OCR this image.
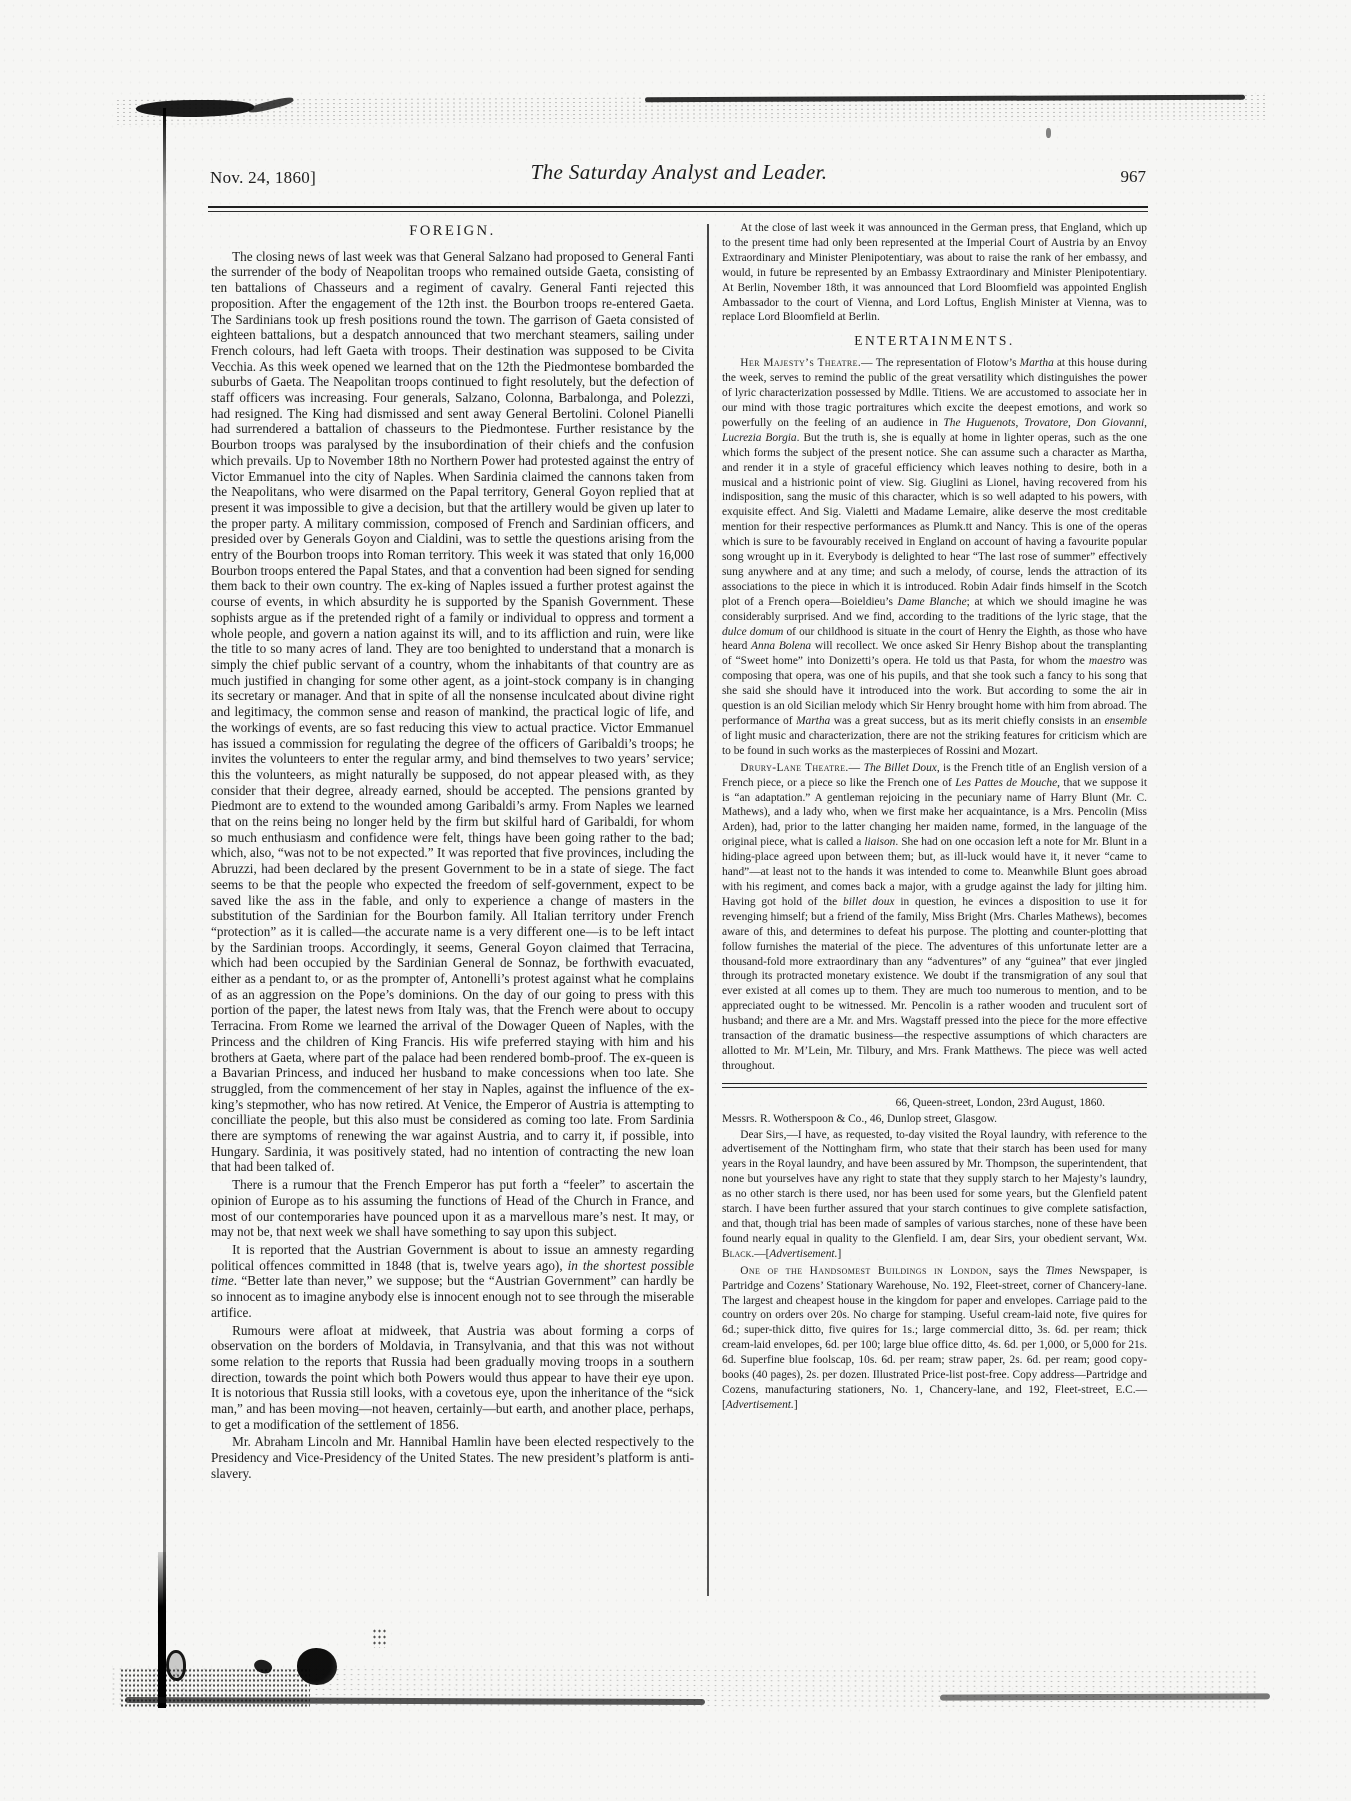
Nov. 24, 1860]	The Saturday Analyst and Leader.	967
FOREIGN.

The closing news of last week was that General Salzano had proposed to General Fanti the surrender of the body of Neapolitan troops who remained outside Gaeta, consisting of ten battalions of Chasseurs and a regiment of cavalry. General Fanti rejected this proposition. After the engagement of the 12th inst. the Bourbon troops re-entered Gaeta. The Sardinians took up fresh positions round the town. The garrison of Gaeta consisted of eighteen battalions, but a despatch announced that two merchant steamers, sailing under French colours, had left Gaeta with troops. Their destination was supposed to be Civita Vecchia. As this week opened we learned that on the 12th the Piedmontese bombarded the suburbs of Gaeta. The Neapolitan troops continued to fight resolutely, but the defection of staff officers was increasing. Four generals, Salzano, Colonna, Barbalonga, and Polezzi, had resigned. The King had dismissed and sent away General Bertolini. Colonel Pianelli had surrendered a battalion of chasseurs to the Piedmontese. Further resistance by the Bourbon troops was paralysed by the insubordination of their chiefs and the confusion which prevails. Up to November 18th no Northern Power had protested against the entry of Victor Emmanuel into the city of Naples. When Sardinia claimed the cannons taken from the Neapolitans, who were disarmed on the Papal territory, General Goyon replied that at present it was impossible to give a decision, but that the artillery would be given up later to the proper party. A military commission, composed of French and Sardinian officers, and presided over by Generals Goyon and Cialdini, was to settle the questions arising from the entry of the Bourbon troops into Roman territory. This week it was stated that only 16,000 Bourbon troops entered the Papal States, and that a convention had been signed for sending them back to their own country. The ex-king of Naples issued a further protest against the course of events, in which absurdity he is supported by the Spanish Government. These sophists argue as if the pretended right of a family or individual to oppress and torment a whole people, and govern a nation against its will, and to its affliction and ruin, were like the title to so many acres of land. They are too benighted to understand that a monarch is simply the chief public servant of a country, whom the inhabitants of that country are as much justified in changing for some other agent, as a joint-stock company is in changing its secretary or manager. And that in spite of all the nonsense inculcated about divine right and legitimacy, the common sense and reason of mankind, the practical logic of life, and the workings of events, are so fast reducing this view to actual practice. Victor Emmanuel has issued a commission for regulating the degree of the officers of Garibaldi’s troops; he invites the volunteers to enter the regular army, and bind themselves to two years’ service; this the volunteers, as might naturally be supposed, do not appear pleased with, as they consider that their degree, already earned, should be accepted. The pensions granted by Piedmont are to extend to the wounded among Garibaldi’s army. From Naples we learned that on the reins being no longer held by the firm but skilful hard of Garibaldi, for whom so much enthusiasm and confidence were felt, things have been going rather to the bad; which, also, “was not to be not expected.” It was reported that five provinces, including the Abruzzi, had been declared by the present Government to be in a state of siege. The fact seems to be that the people who expected the freedom of self-government, expect to be saved like the ass in the fable, and only to experience a change of masters in the substitution of the Sardinian for the Bourbon family. All Italian territory under French “protection” as it is called—the accurate name is a very different one—is to be left intact by the Sardinian troops. Accordingly, it seems, General Goyon claimed that Terracina, which had been occupied by the Sardinian General de Sonnaz, be forthwith evacuated, either as a pendant to, or as the prompter of, Antonelli’s protest against what he complains of as an aggression on the Pope’s dominions. On the day of our going to press with this portion of the paper, the latest news from Italy was, that the French were about to occupy Terracina. From Rome we learned the arrival of the Dowager Queen of Naples, with the Princess and the children of King Francis. His wife preferred staying with him and his brothers at Gaeta, where part of the palace had been rendered bomb-proof. The ex-queen is a Bavarian Princess, and induced her husband to make concessions when too late. She struggled, from the commencement of her stay in Naples, against the influence of the ex-king’s stepmother, who has now retired. At Venice, the Emperor of Austria is attempting to concilliate the people, but this also must be considered as coming too late. From Sardinia there are symptoms of renewing the war against Austria, and to carry it, if possible, into Hungary. Sardinia, it was positively stated, had no intention of contracting the new loan that had been talked of.

There is a rumour that the French Emperor has put forth a “feeler” to ascertain the opinion of Europe as to his assuming the functions of Head of the Church in France, and most of our contemporaries have pounced upon it as a marvellous mare’s nest. It may, or may not be, that next week we shall have something to say upon this subject.

It is reported that the Austrian Government is about to issue an amnesty regarding political offences committed in 1848 (that is, twelve years ago), in the shortest possible time. “Better late than never,” we suppose; but the “Austrian Government” can hardly be so innocent as to imagine anybody else is innocent enough not to see through the miserable artifice.

Rumours were afloat at midweek, that Austria was about forming a corps of observation on the borders of Moldavia, in Transylvania, and that this was not without some relation to the reports that Russia had been gradually moving troops in a southern direction, towards the point which both Powers would thus appear to have their eye upon. It is notorious that Russia still looks, with a covetous eye, upon the inheritance of the “sick man,” and has been moving—not heaven, certainly—but earth, and another place, perhaps, to get a modification of the settlement of 1856.

Mr. Abraham Lincoln and Mr. Hannibal Hamlin have been elected respectively to the Presidency and Vice-Presidency of the United States. The new president’s platform is anti-slavery.

At the close of last week it was announced in the German press, that England, which up to the present time had only been represented at the Imperial Court of Austria by an Envoy Extraordinary and Minister Plenipotentiary, was about to raise the rank of her embassy, and would, in future be represented by an Embassy Extraordinary and Minister Plenipotentiary. At Berlin, November 18th, it was announced that Lord Bloomfield was appointed English Ambassador to the court of Vienna, and Lord Loftus, English Minister at Vienna, was to replace Lord Bloomfield at Berlin.

ENTERTAINMENTS.

Her Majesty’s Theatre.— The representation of Flotow’s Martha at this house during the week, serves to remind the public of the great versatility which distinguishes the power of lyric characterization possessed by Mdlle. Titiens. We are accustomed to associate her in our mind with those tragic portraitures which excite the deepest emotions, and work so powerfully on the feeling of an audience in The Huguenots, Trovatore, Don Giovanni, Lucrezia Borgia. But the truth is, she is equally at home in lighter operas, such as the one which forms the subject of the present notice. She can assume such a character as Martha, and render it in a style of graceful efficiency which leaves nothing to desire, both in a musical and a histrionic point of view. Sig. Giuglini as Lionel, having recovered from his indisposition, sang the music of this character, which is so well adapted to his powers, with exquisite effect. And Sig. Vialetti and Madame Lemaire, alike deserve the most creditable mention for their respective performances as Plumk.tt and Nancy. This is one of the operas which is sure to be favourably received in England on account of having a favourite popular song wrought up in it. Everybody is delighted to hear “The last rose of summer” effectively sung anywhere and at any time; and such a melody, of course, lends the attraction of its associations to the piece in which it is introduced. Robin Adair finds himself in the Scotch plot of a French opera—Boieldieu’s Dame Blanche; at which we should imagine he was considerably surprised. And we find, according to the traditions of the lyric stage, that the dulce domum of our childhood is situate in the court of Henry the Eighth, as those who have heard Anna Bolena will recollect. We once asked Sir Henry Bishop about the transplanting of “Sweet home” into Donizetti’s opera. He told us that Pasta, for whom the maestro was composing that opera, was one of his pupils, and that she took such a fancy to his song that she said she should have it introduced into the work. But according to some the air in question is an old Sicilian melody which Sir Henry brought home with him from abroad. The performance of Martha was a great success, but as its merit chiefly consists in an ensemble of light music and characterization, there are not the striking features for criticism which are to be found in such works as the masterpieces of Rossini and Mozart.

Drury-Lane Theatre.— The Billet Doux, is the French title of an English version of a French piece, or a piece so like the French one of Les Pattes de Mouche, that we suppose it is “an adaptation.” A gentleman rejoicing in the pecuniary name of Harry Blunt (Mr. C. Mathews), and a lady who, when we first make her acquaintance, is a Mrs. Pencolin (Miss Arden), had, prior to the latter changing her maiden name, formed, in the language of the original piece, what is called a liaison. She had on one occasion left a note for Mr. Blunt in a hiding-place agreed upon between them; but, as ill-luck would have it, it never “came to hand”—at least not to the hands it was intended to come to. Meanwhile Blunt goes abroad with his regiment, and comes back a major, with a grudge against the lady for jilting him. Having got hold of the billet doux in question, he evinces a disposition to use it for revenging himself; but a friend of the family, Miss Bright (Mrs. Charles Mathews), becomes aware of this, and determines to defeat his purpose. The plotting and counter-plotting that follow furnishes the material of the piece. The adventures of this unfortunate letter are a thousand-fold more extraordinary than any “adventures” of any “guinea” that ever jingled through its protracted monetary existence. We doubt if the transmigration of any soul that ever existed at all comes up to them. They are much too numerous to mention, and to be appreciated ought to be witnessed. Mr. Pencolin is a rather wooden and truculent sort of husband; and there are a Mr. and Mrs. Wagstaff pressed into the piece for the more effective transaction of the dramatic business—the respective assumptions of which characters are allotted to Mr. M’Lein, Mr. Tilbury, and Mrs. Frank Matthews. The piece was well acted throughout.

66, Queen-street, London, 23rd August, 1860.

Messrs. R. Wotherspoon & Co., 46, Dunlop street, Glasgow.

Dear Sirs,—I have, as requested, to-day visited the Royal laundry, with reference to the advertisement of the Nottingham firm, who state that their starch has been used for many years in the Royal laundry, and have been assured by Mr. Thompson, the superintendent, that none but yourselves have any right to state that they supply starch to her Majesty’s laundry, as no other starch is there used, nor has been used for some years, but the Glenfield patent starch. I have been further assured that your starch continues to give complete satisfaction, and that, though trial has been made of samples of various starches, none of these have been found nearly equal in quality to the Glenfield. I am, dear Sirs, your obedient servant, Wm. Black.—[Advertisement.]

One of the Handsomest Buildings in London, says the Times Newspaper, is Partridge and Cozens’ Stationary Warehouse, No. 192, Fleet-street, corner of Chancery-lane. The largest and cheapest house in the kingdom for paper and envelopes. Carriage paid to the country on orders over 20s. No charge for stamping. Useful cream-laid note, five quires for 6d.; super-thick ditto, five quires for 1s.; large commercial ditto, 3s. 6d. per ream; thick cream-laid envelopes, 6d. per 100; large blue office ditto, 4s. 6d. per 1,000, or 5,000 for 21s. 6d. Superfine blue foolscap, 10s. 6d. per ream; straw paper, 2s. 6d. per ream; good copy-books (40 pages), 2s. per dozen. Illustrated Price-list post-free. Copy address—Partridge and Cozens, manufacturing stationers, No. 1, Chancery-lane, and 192, Fleet-street, E.C.—[Advertisement.]
